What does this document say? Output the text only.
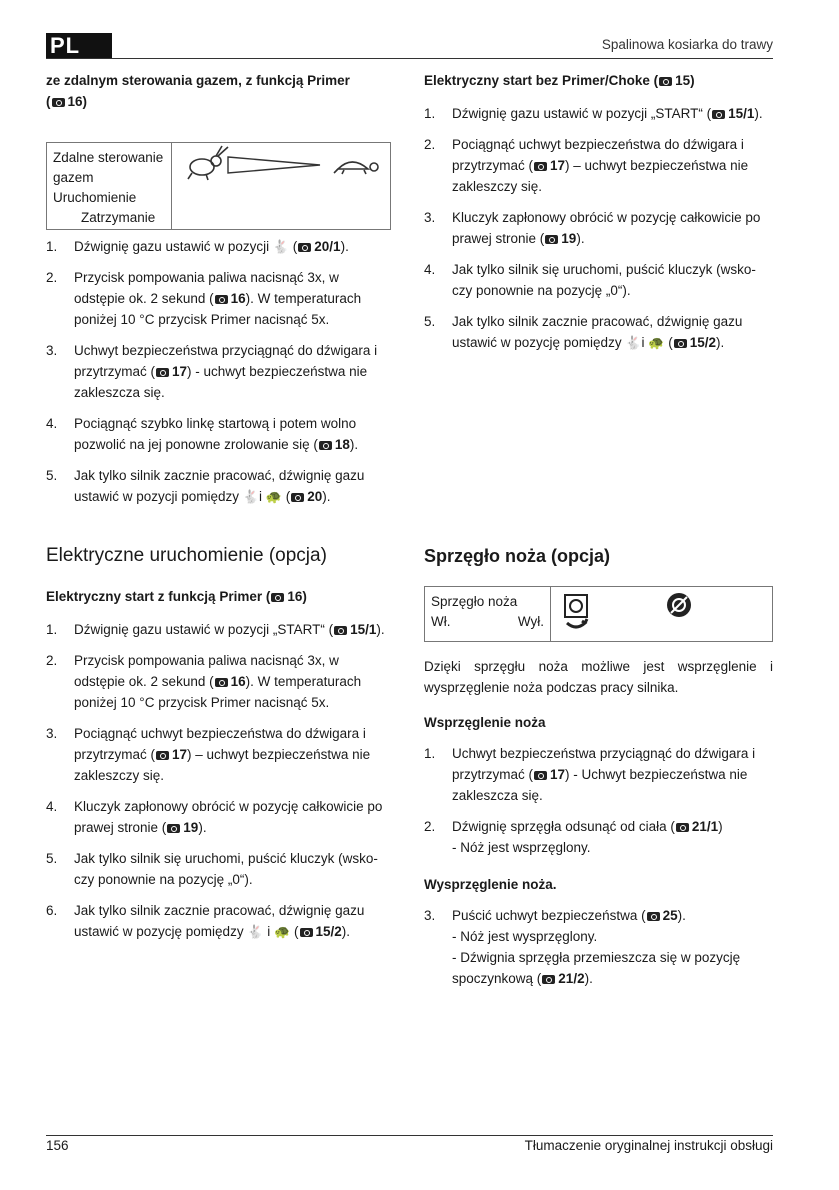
PL	Spalinowa kosiarka do trawy
ze zdalnym sterowania gazem, z funkcją Primer
( 16)
Zdalne sterowanie gazem
Uruchomienie
Zatrzymanie
1. Dźwignię gazu ustawić w pozycji 🐇 ( 20/1).
2. Przycisk pompowania paliwa nacisnąć 3x, w odstępie ok. 2 sekund ( 16). W temperaturach poniżej 10 °C przycisk Primer nacisnąć 5x.
3. Uchwyt bezpieczeństwa przyciągnąć do dźwigara i przytrzymać ( 17) - uchwyt bezpieczeństwa nie zakleszcza się.
4. Pociągnąć szybko linkę startową i potem wolno pozwolić na jej ponowne zrolowanie się ( 18).
5. Jak tylko silnik zacznie pracować, dźwignię gazu ustawić w pozycji pomiędzy 🐇i 🐢 ( 20).
Elektryczne uruchomienie (opcja)
Elektryczny start z funkcją Primer ( 16)
1. Dźwignię gazu ustawić w pozycji „START“ ( 15/1).
2. Przycisk pompowania paliwa nacisnąć 3x, w odstępie ok. 2 sekund ( 16). W temperaturach poniżej 10 °C przycisk Primer nacisnąć 5x.
3. Pociągnąć uchwyt bezpieczeństwa do dźwigara i przytrzymać ( 17) – uchwyt bezpieczeństwa nie zakleszczy się.
4. Kluczyk zapłonowy obrócić w pozycję całkowicie po prawej stronie ( 19).
5. Jak tylko silnik się uruchomi, puścić kluczyk (wsko-czy ponownie na pozycję „0“).
6. Jak tylko silnik zacznie pracować, dźwignię gazu ustawić w pozycję pomiędzy 🐇 i 🐢 ( 15/2).
Elektryczny start bez Primer/Choke ( 15)
1. Dźwignię gazu ustawić w pozycji „START“ ( 15/1).
2. Pociągnąć uchwyt bezpieczeństwa do dźwigara i przytrzymać ( 17) – uchwyt bezpieczeństwa nie zakleszczy się.
3. Kluczyk zapłonowy obrócić w pozycję całkowicie po prawej stronie ( 19).
4. Jak tylko silnik się uruchomi, puścić kluczyk (wsko-czy ponownie na pozycję „0“).
5. Jak tylko silnik zacznie pracować, dźwignię gazu ustawić w pozycję pomiędzy 🐇i 🐢 ( 15/2).
Sprzęgło noża (opcja)
Sprzęgło noża
Wł.	Wył.
Dzięki sprzęgłu noża możliwe jest wsprzęglenie i wysprzęglenie noża podczas pracy silnika.
Wsprzęglenie noża
1. Uchwyt bezpieczeństwa przyciągnąć do dźwigara i przytrzymać ( 17) - Uchwyt bezpieczeństwa nie zakleszcza się.
2. Dźwignię sprzęgła odsunąć od ciała ( 21/1)
- Nóż jest wsprzęglony.
Wysprzęglenie noża.
3. Puścić uchwyt bezpieczeństwa ( 25).
- Nóż jest wysprzęglony.
- Dźwignia sprzęgła przemieszcza się w pozycję spoczynkową ( 21/2).
156	Tłumaczenie oryginalnej instrukcji obsługi
